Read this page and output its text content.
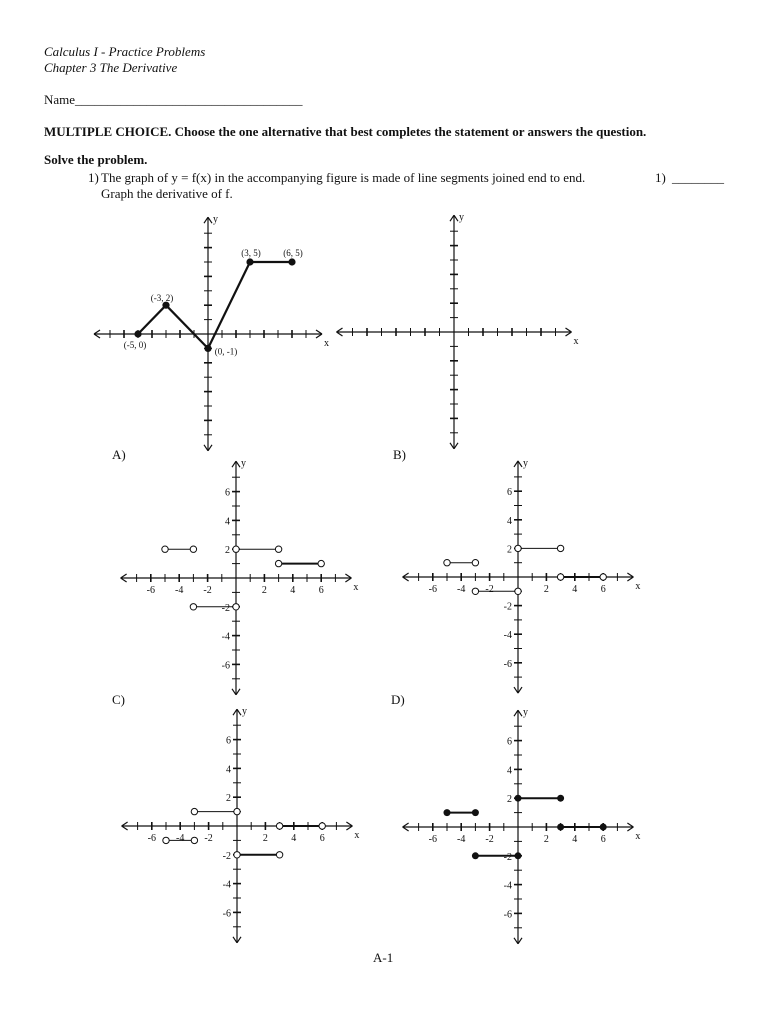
Calculus I - Practice Problems
Chapter 3 The Derivative
Name___________________________________
MULTIPLE CHOICE. Choose the one alternative that best completes the statement or answers the question.
Solve the problem.
1) The graph of y = f(x) in the accompanying figure is made of line segments joined end to end.
Graph the derivative of f.
1) ________
A)	B)
C)	D)
A-1
x
y
(-5, 0)
(-3, 2)
(0, -1)
(3, 5)	(6, 5)
x
y
x
y
-6 -4 -2	2 4 6
6
4
2
-2
-4
-6
x
y
-6 -4 -2	2 4 6
6
4
2
-2
-4
-6
x
y
-6 -4 -2	2 4 6
6
4
2
-2
-4
-6
x
y
-6 -4 -2	2 4 6
6
4
2
-2
-4
-6
